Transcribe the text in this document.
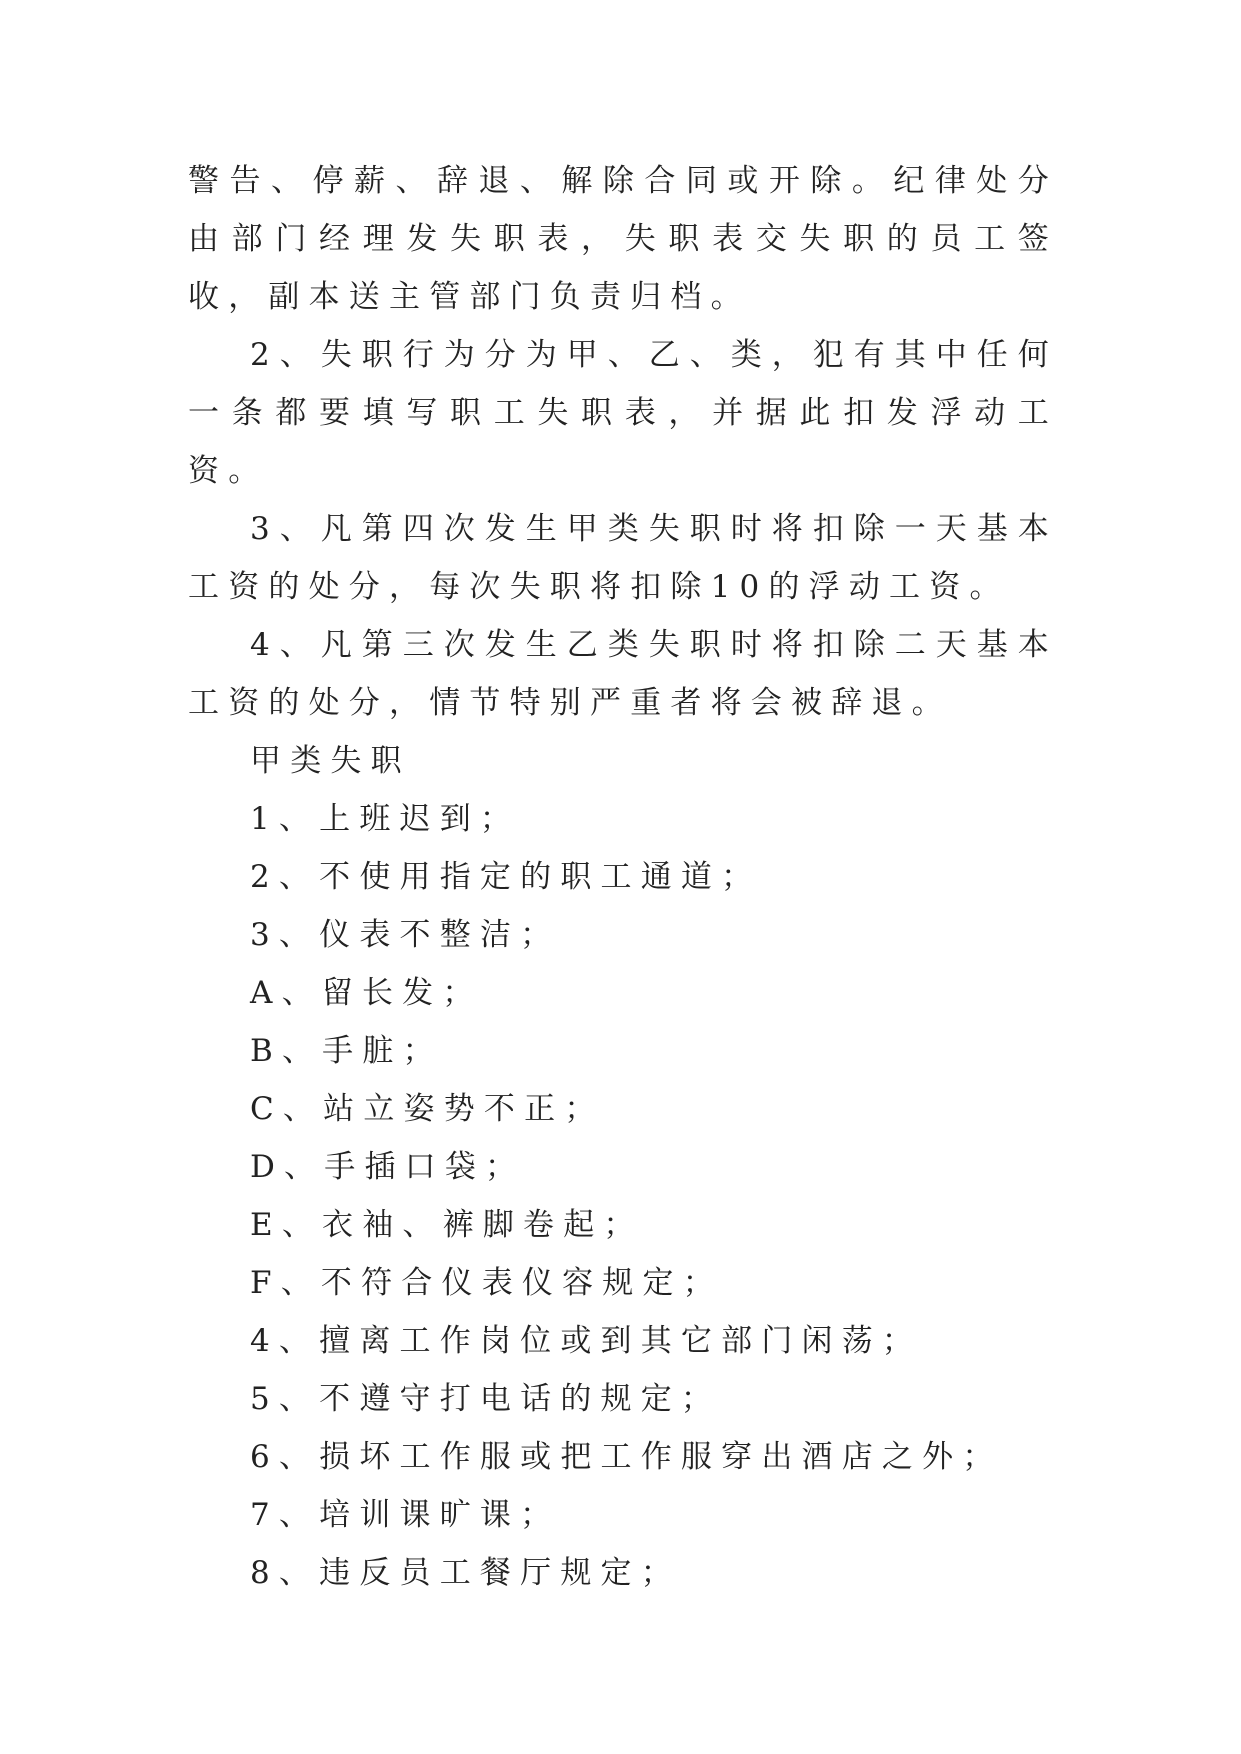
警告、停薪、辞退、解除合同或开除。纪律处分由部门经理发失职表，失职表交失职的员工签收，副本送主管部门负责归档。

2、失职行为分为甲、乙、类，犯有其中任何一条都要填写职工失职表，并据此扣发浮动工资。

3、凡第四次发生甲类失职时将扣除一天基本工资的处分，每次失职将扣除10的浮动工资。

4、凡第三次发生乙类失职时将扣除二天基本工资的处分，情节特别严重者将会被辞退。

甲类失职

1、上班迟到；

2、不使用指定的职工通道；

3、仪表不整洁；

A、留长发；

B、手脏；

C、站立姿势不正；

D、手插口袋；

E、衣袖、裤脚卷起；

F、不符合仪表仪容规定；

4、擅离工作岗位或到其它部门闲荡；

5、不遵守打电话的规定；

6、损坏工作服或把工作服穿出酒店之外；

7、培训课旷课；

8、违反员工餐厅规定；
